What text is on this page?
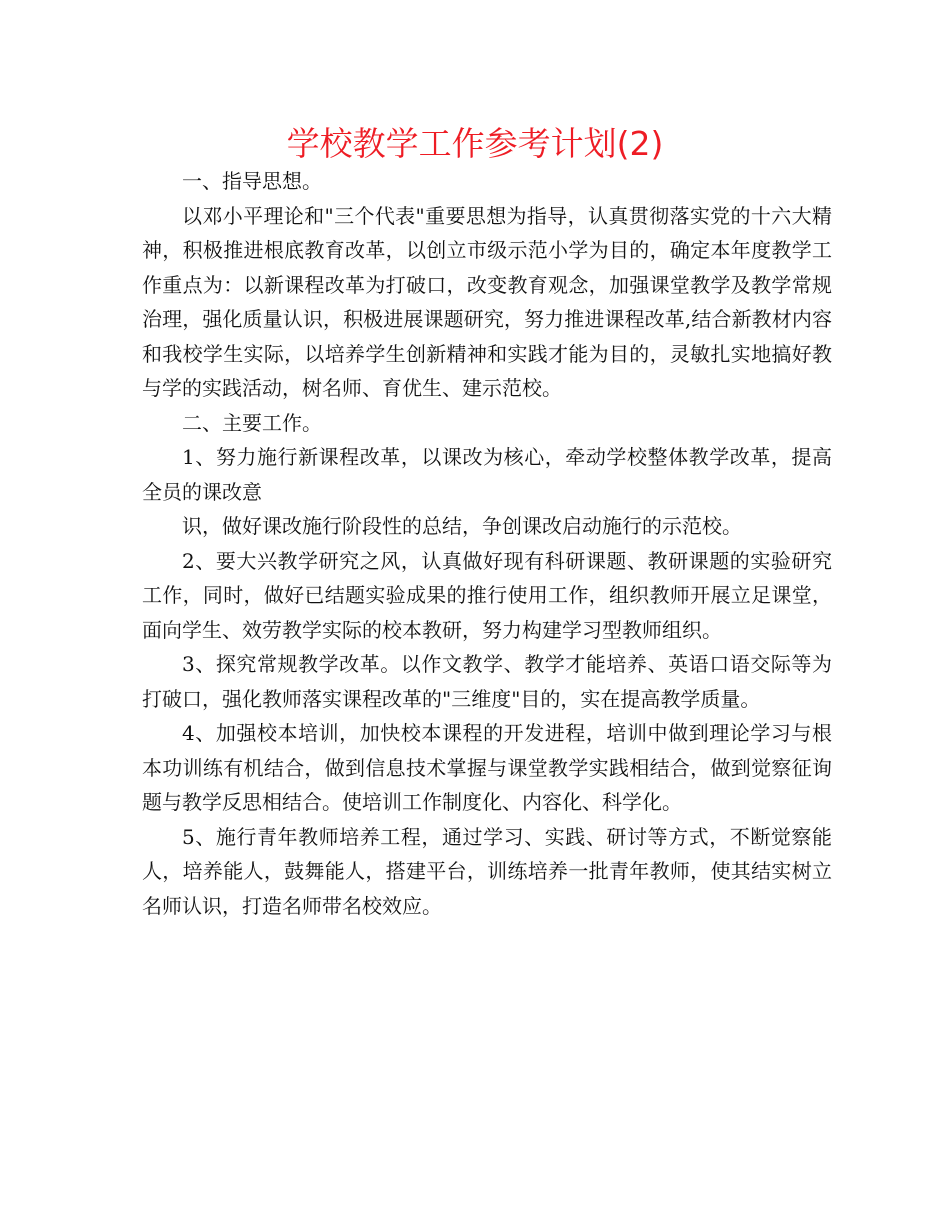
学校教学工作参考计划(2)

一、指导思想。

以邓小平理论和"三个代表"重要思想为指导，认真贯彻落实党的十六大精神，积极推进根底教育改革，以创立市级示范小学为目的，确定本年度教学工作重点为：以新课程改革为打破口，改变教育观念，加强课堂教学及教学常规治理，强化质量认识，积极进展课题研究，努力推进课程改革,结合新教材内容和我校学生实际，以培养学生创新精神和实践才能为目的，灵敏扎实地搞好教与学的实践活动，树名师、育优生、建示范校。

二、主要工作。

1、努力施行新课程改革，以课改为核心，牵动学校整体教学改革，提高全员的课改意

识，做好课改施行阶段性的总结，争创课改启动施行的示范校。

2、要大兴教学研究之风，认真做好现有科研课题、教研课题的实验研究工作，同时，做好已结题实验成果的推行使用工作，组织教师开展立足课堂，面向学生、效劳教学实际的校本教研，努力构建学习型教师组织。

3、探究常规教学改革。以作文教学、教学才能培养、英语口语交际等为打破口，强化教师落实课程改革的"三维度"目的，实在提高教学质量。

4、加强校本培训，加快校本课程的开发进程，培训中做到理论学习与根本功训练有机结合，做到信息技术掌握与课堂教学实践相结合，做到觉察征询题与教学反思相结合。使培训工作制度化、内容化、科学化。

5、施行青年教师培养工程，通过学习、实践、研讨等方式，不断觉察能人，培养能人，鼓舞能人，搭建平台，训练培养一批青年教师，使其结实树立名师认识，打造名师带名校效应。
